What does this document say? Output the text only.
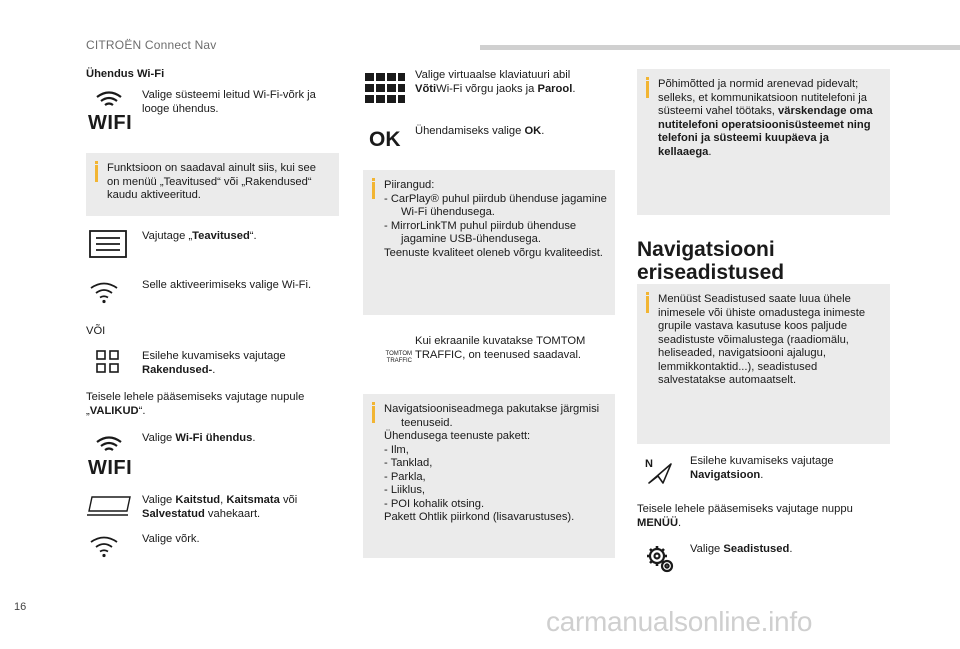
CITROËN Connect Nav
Ühendus Wi-Fi
WIFI
Valige süsteemi leitud Wi-Fi-võrk ja looge ühendus.
Funktsioon on saadaval ainult siis, kui see on menüü „Teavitused“ või „Rakendused“ kaudu aktiveeritud.
Vajutage „Teavitused“.
Selle aktiveerimiseks valige Wi-Fi.
VÕI
Esilehe kuvamiseks vajutage Rakendused-.
Teisele lehele pääsemiseks vajutage nupule „VALIKUD“.
WIFI
Valige Wi-Fi ühendus.
Valige Kaitstud, Kaitsmata või Salvestatud vahekaart.
Valige võrk.
Valige virtuaalse klaviatuuri abil VõtiWi-Fi võrgu jaoks ja Parool.
OK Ühendamiseks valige OK.
Piirangud:
- CarPlay® puhul piirdub ühenduse jagamine Wi-Fi ühendusega.
- MirrorLinkTM puhul piirdub ühenduse jagamine USB-ühendusega.
Teenuste kvaliteet oleneb võrgu kvaliteedist.
TOMTOM
TRAFFIC
Kui ekraanile kuvatakse TOMTOM TRAFFIC, on teenused saadaval.
Navigatsiooniseadmega pakutakse järgmisi teenuseid.
Ühendusega teenuste pakett:
- Ilm,
- Tanklad,
- Parkla,
- Liiklus,
- POI kohalik otsing.
Pakett Ohtlik piirkond (lisavarustuses).
Põhimõtted ja normid arenevad pidevalt; selleks, et kommunikatsioon nutitelefoni ja süsteemi vahel töötaks, värskendage oma nutitelefoni operatsioonisüsteemet ning telefoni ja süsteemi kuupäeva ja kellaaega.
Navigatsiooni eriseadistused
Menüüst Seadistused saate luua ühele inimesele või ühiste omadustega inimeste grupile vastava kasutuse koos paljude seadistuste võimalustega (raadiomälu, heliseaded, navigatsiooni ajalugu, lemmikkontaktid...), seadistused salvestatakse automaatselt.
N	Esilehe kuvamiseks vajutage Navigatsioon.
Teisele lehele pääsemiseks vajutage nuppu MENÜÜ.
Valige Seadistused.
16	carmanualsonline.info
